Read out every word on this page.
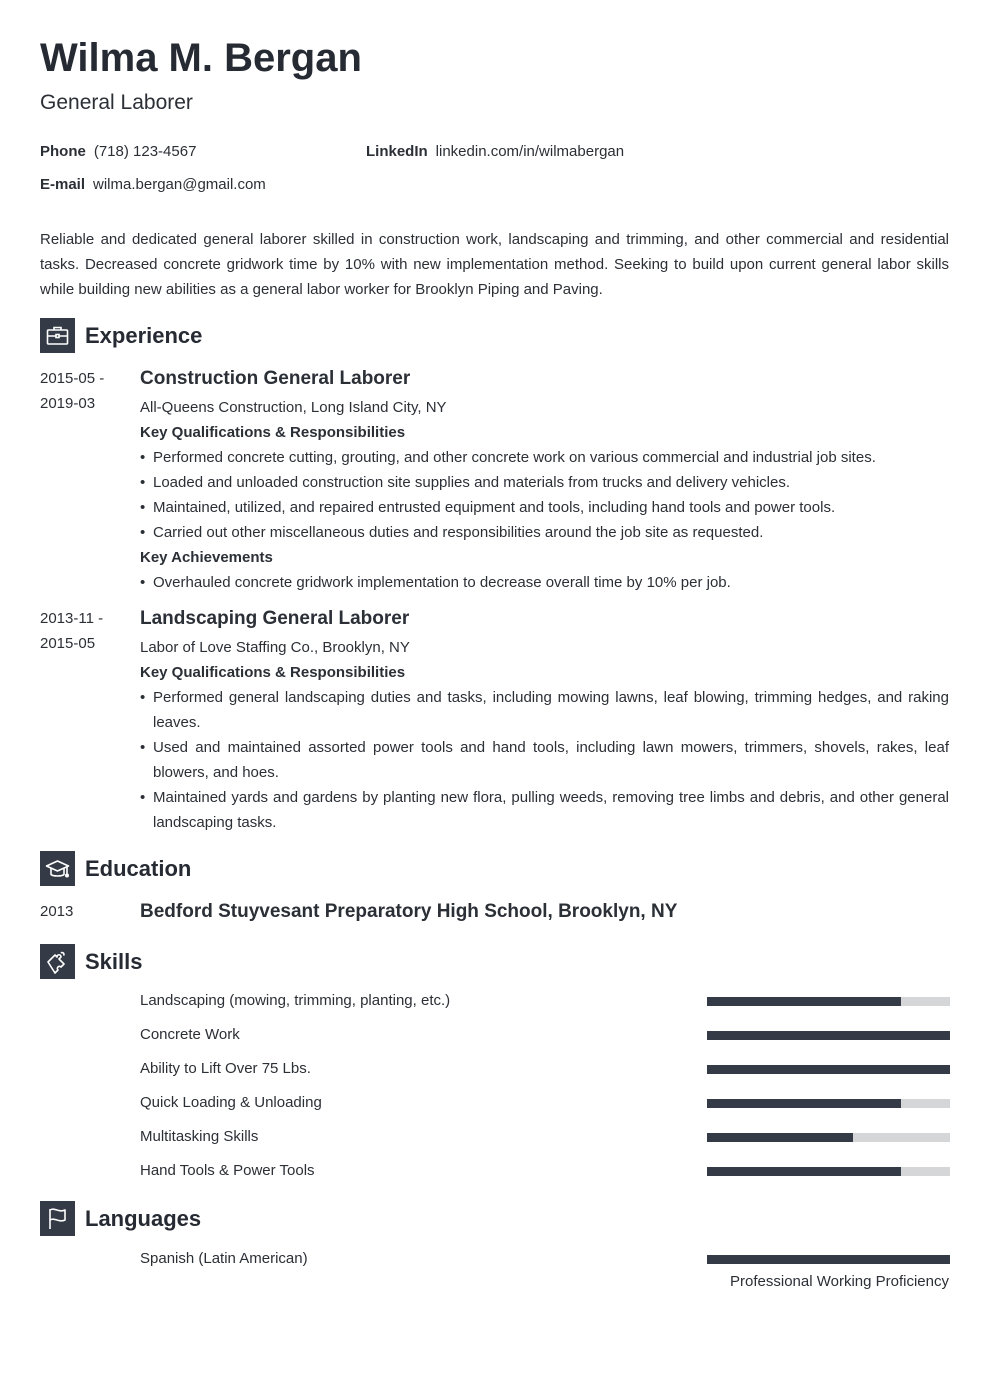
Wilma M. Bergan
General Laborer
Phone (718) 123-4567	LinkedIn linkedin.com/in/wilmabergan
E-mail wilma.bergan@gmail.com

Reliable and dedicated general laborer skilled in construction work, landscaping and trimming, and other commercial and residential tasks. Decreased concrete gridwork time by 10% with new implementation method. Seeking to build upon current general labor skills while building new abilities as a general labor worker for Brooklyn Piping and Paving.

Experience
2015-05 -
2019-03
Construction General Laborer
All-Queens Construction, Long Island City, NY
Key Qualifications & Responsibilities
• Performed concrete cutting, grouting, and other concrete work on various commercial and industrial job sites.
• Loaded and unloaded construction site supplies and materials from trucks and delivery vehicles.
• Maintained, utilized, and repaired entrusted equipment and tools, including hand tools and power tools.
• Carried out other miscellaneous duties and responsibilities around the job site as requested.
Key Achievements
• Overhauled concrete gridwork implementation to decrease overall time by 10% per job.
2013-11 -
2015-05
Landscaping General Laborer
Labor of Love Staffing Co., Brooklyn, NY
Key Qualifications & Responsibilities
• Performed general landscaping duties and tasks, including mowing lawns, leaf blowing, trimming hedges, and raking leaves.
• Used and maintained assorted power tools and hand tools, including lawn mowers, trimmers, shovels, rakes, leaf blowers, and hoes.
• Maintained yards and gardens by planting new flora, pulling weeds, removing tree limbs and debris, and other general landscaping tasks.
Education
2013	Bedford Stuyvesant Preparatory High School, Brooklyn, NY
Skills
Landscaping (mowing, trimming, planting, etc.)
Concrete Work
Ability to Lift Over 75 Lbs.
Quick Loading & Unloading
Multitasking Skills
Hand Tools & Power Tools
Languages
Spanish (Latin American)
Professional Working Proficiency
